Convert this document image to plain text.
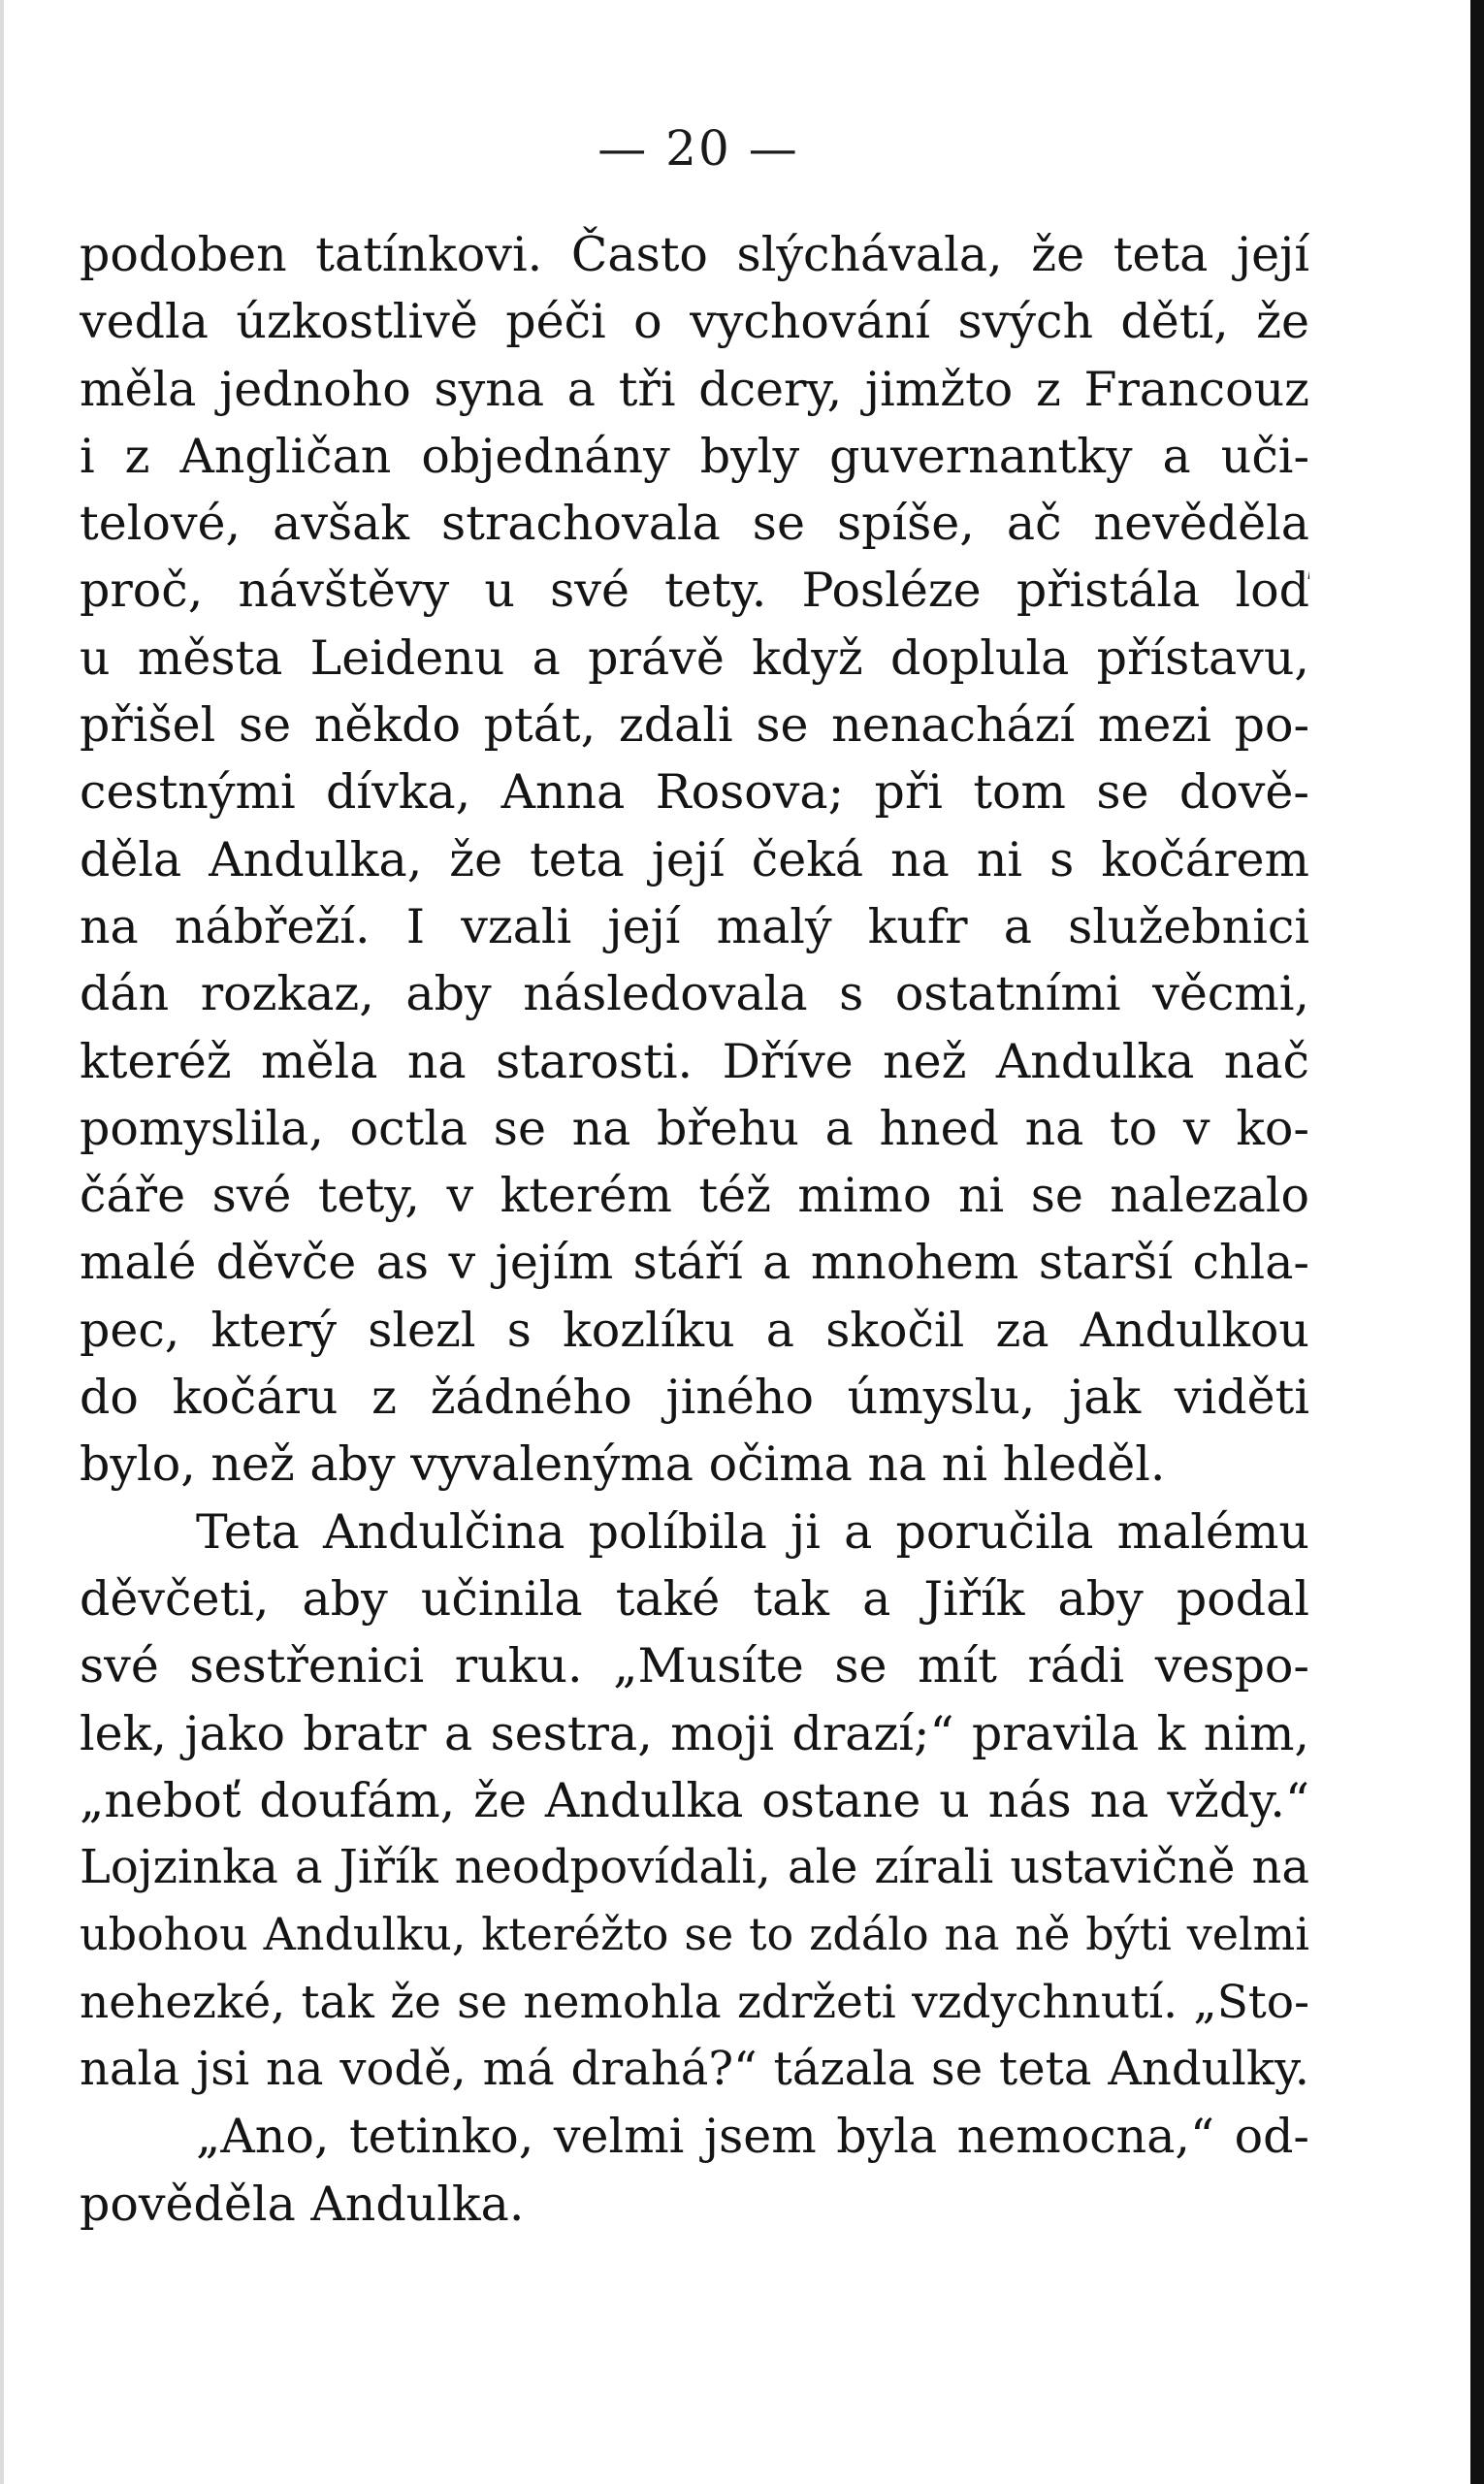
— 20 —
podoben tatínkovi. Často slýchávala, že teta její
vedla úzkostlivě péči o vychování svých dětí, že
měla jednoho syna a tři dcery, jimžto z Francouz
i z Angličan objednány byly guvernantky a uči-
telové, avšak strachovala se spíše, ač nevěděla
proč, návštěvy u své tety. Posléze přistála loď
u města Leidenu a právě když doplula přístavu,
přišel se někdo ptát, zdali se nenachází mezi po-
cestnými dívka, Anna Rosova; při tom se dově-
děla Andulka, že teta její čeká na ni s kočárem
na nábřeží. I vzali její malý kufr a služebnici
dán rozkaz, aby následovala s ostatními věcmi,
kteréž měla na starosti. Dříve než Andulka nač
pomyslila, octla se na břehu a hned na to v ko-
čáře své tety, v kterém též mimo ni se nalezalo
malé děvče as v jejím stáří a mnohem starší chla-
pec, který slezl s kozlíku a skočil za Andulkou
do kočáru z žádného jiného úmyslu, jak viděti
bylo, než aby vyvalenýma očima na ni hleděl.
Teta Andulčina políbila ji a poručila malému
děvčeti, aby učinila také tak a Jiřík aby podal
své sestřenici ruku. „Musíte se mít rádi vespo-
lek, jako bratr a sestra, moji drazí;“ pravila k nim,
„neboť doufám, že Andulka ostane u nás na vždy.“
Lojzinka a Jiřík neodpovídali, ale zírali ustavičně na
ubohou Andulku, kteréžto se to zdálo na ně býti velmi
nehezké, tak že se nemohla zdržeti vzdychnutí. „Sto-
nala jsi na vodě, má drahá?“ tázala se teta Andulky.
„Ano, tetinko, velmi jsem byla nemocna,“ od-
pověděla Andulka.
